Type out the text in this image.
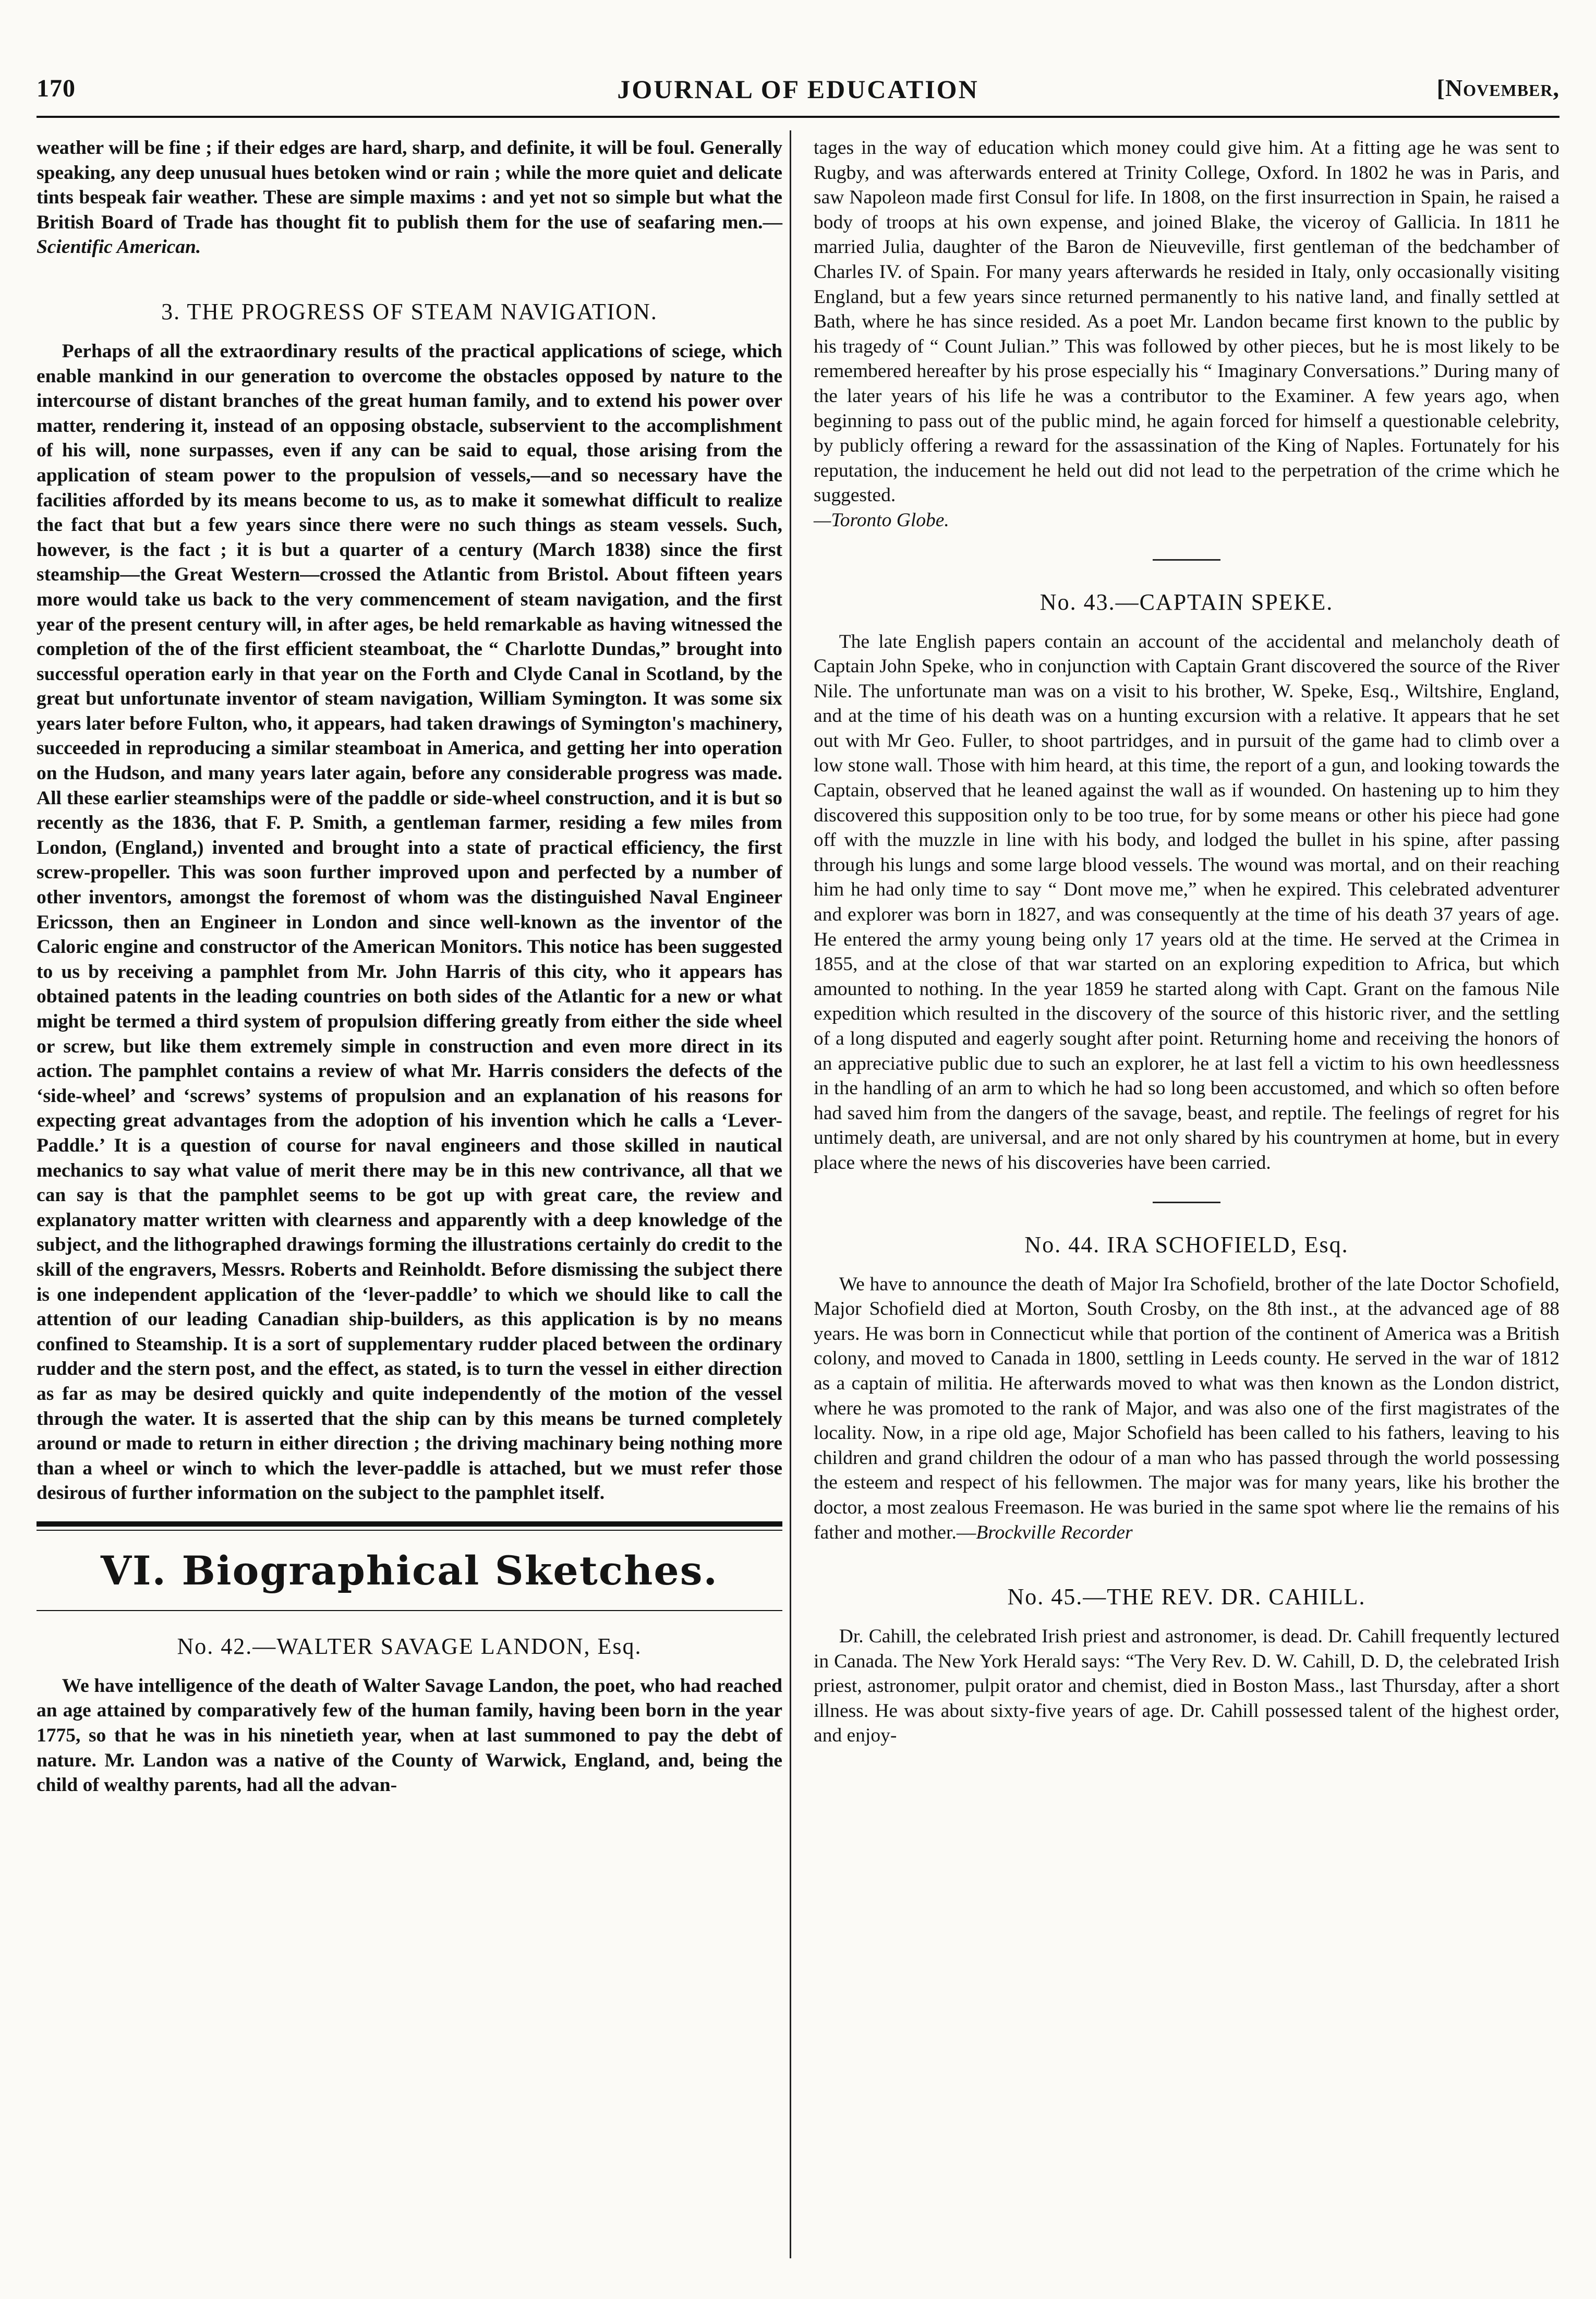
170	JOURNAL OF EDUCATION	[November,

weather will be fine ; if their edges are hard, sharp, and definite, it will be foul. Generally speaking, any deep unusual hues betoken wind or rain ; while the more quiet and delicate tints bespeak fair weather. These are simple maxims : and yet not so simple but what the British Board of Trade has thought fit to publish them for the use of seafaring men.—Scientific American.

3. THE PROGRESS OF STEAM NAVIGATION.

Perhaps of all the extraordinary results of the practical applications of sciege, which enable mankind in our generation to overcome the obstacles opposed by nature to the intercourse of distant branches of the great human family, and to extend his power over matter, rendering it, instead of an opposing obstacle, subservient to the accomplishment of his will, none surpasses, even if any can be said to equal, those arising from the application of steam power to the propulsion of vessels,—and so necessary have the facilities afforded by its means become to us, as to make it somewhat difficult to realize the fact that but a few years since there were no such things as steam vessels. Such, however, is the fact ; it is but a quarter of a century (March 1838) since the first steamship—the Great Western—crossed the Atlantic from Bristol. About fifteen years more would take us back to the very commencement of steam navigation, and the first year of the present century will, in after ages, be held remarkable as having witnessed the completion of the of the first efficient steamboat, the “ Charlotte Dundas,” brought into successful operation early in that year on the Forth and Clyde Canal in Scotland, by the great but unfortunate inventor of steam navigation, William Symington. It was some six years later before Fulton, who, it appears, had taken drawings of Symington's machinery, succeeded in reproducing a similar steamboat in America, and getting her into operation on the Hudson, and many years later again, before any considerable progress was made. All these earlier steamships were of the paddle or side-wheel construction, and it is but so recently as the 1836, that F. P. Smith, a gentleman farmer, residing a few miles from London, (England,) invented and brought into a state of practical efficiency, the first screw-propeller. This was soon further improved upon and perfected by a number of other inventors, amongst the foremost of whom was the distinguished Naval Engineer Ericsson, then an Engineer in London and since well-known as the inventor of the Caloric engine and constructor of the American Monitors. This notice has been suggested to us by receiving a pamphlet from Mr. John Harris of this city, who it appears has obtained patents in the leading countries on both sides of the Atlantic for a new or what might be termed a third system of propulsion differing greatly from either the side wheel or screw, but like them extremely simple in construction and even more direct in its action. The pamphlet contains a review of what Mr. Harris considers the defects of the ‘side-wheel’ and ‘screws’ systems of propulsion and an explanation of his reasons for expecting great advantages from the adoption of his invention which he calls a ‘Lever-Paddle.’ It is a question of course for naval engineers and those skilled in nautical mechanics to say what value of merit there may be in this new contrivance, all that we can say is that the pamphlet seems to be got up with great care, the review and explanatory matter written with clearness and apparently with a deep knowledge of the subject, and the lithographed drawings forming the illustrations certainly do credit to the skill of the engravers, Messrs. Roberts and Reinholdt. Before dismissing the subject there is one independent application of the ‘lever-paddle’ to which we should like to call the attention of our leading Canadian ship-builders, as this application is by no means confined to Steamship. It is a sort of supplementary rudder placed between the ordinary rudder and the stern post, and the effect, as stated, is to turn the vessel in either direction as far as may be desired quickly and quite independently of the motion of the vessel through the water. It is asserted that the ship can by this means be turned completely around or made to return in either direction ; the driving machinary being nothing more than a wheel or winch to which the lever-paddle is attached, but we must refer those desirous of further information on the subject to the pamphlet itself.

VI. Biographical Sketches.
No. 42.—WALTER SAVAGE LANDON, Esq.

We have intelligence of the death of Walter Savage Landon, the poet, who had reached an age attained by comparatively few of the human family, having been born in the year 1775, so that he was in his ninetieth year, when at last summoned to pay the debt of nature. Mr. Landon was a native of the County of Warwick, England, and, being the child of wealthy parents, had all the advan-

tages in the way of education which money could give him. At a fitting age he was sent to Rugby, and was afterwards entered at Trinity College, Oxford. In 1802 he was in Paris, and saw Napoleon made first Consul for life. In 1808, on the first insurrection in Spain, he raised a body of troops at his own expense, and joined Blake, the viceroy of Gallicia. In 1811 he married Julia, daughter of the Baron de Nieuveville, first gentleman of the bedchamber of Charles IV. of Spain. For many years afterwards he resided in Italy, only occasionally visiting England, but a few years since returned permanently to his native land, and finally settled at Bath, where he has since resided. As a poet Mr. Landon became first known to the public by his tragedy of “ Count Julian.” This was followed by other pieces, but he is most likely to be remembered hereafter by his prose especially his “ Imaginary Conversations.” During many of the later years of his life he was a contributor to the Examiner. A few years ago, when beginning to pass out of the public mind, he again forced for himself a questionable celebrity, by publicly offering a reward for the assassination of the King of Naples. Fortunately for his reputation, the inducement he held out did not lead to the perpetration of the crime which he suggested.

—Toronto Globe.

No. 43.—CAPTAIN SPEKE.

The late English papers contain an account of the accidental and melancholy death of Captain John Speke, who in conjunction with Captain Grant discovered the source of the River Nile. The unfortunate man was on a visit to his brother, W. Speke, Esq., Wiltshire, England, and at the time of his death was on a hunting excursion with a relative. It appears that he set out with Mr Geo. Fuller, to shoot partridges, and in pursuit of the game had to climb over a low stone wall. Those with him heard, at this time, the report of a gun, and looking towards the Captain, observed that he leaned against the wall as if wounded. On hastening up to him they discovered this supposition only to be too true, for by some means or other his piece had gone off with the muzzle in line with his body, and lodged the bullet in his spine, after passing through his lungs and some large blood vessels. The wound was mortal, and on their reaching him he had only time to say “ Dont move me,” when he expired. This celebrated adventurer and explorer was born in 1827, and was consequently at the time of his death 37 years of age. He entered the army young being only 17 years old at the time. He served at the Crimea in 1855, and at the close of that war started on an exploring expedition to Africa, but which amounted to nothing. In the year 1859 he started along with Capt. Grant on the famous Nile expedition which resulted in the discovery of the source of this historic river, and the settling of a long disputed and eagerly sought after point. Returning home and receiving the honors of an appreciative public due to such an explorer, he at last fell a victim to his own heedlessness in the handling of an arm to which he had so long been accustomed, and which so often before had saved him from the dangers of the savage, beast, and reptile. The feelings of regret for his untimely death, are universal, and are not only shared by his countrymen at home, but in every place where the news of his discoveries have been carried.

No. 44. IRA SCHOFIELD, Esq.

We have to announce the death of Major Ira Schofield, brother of the late Doctor Schofield, Major Schofield died at Morton, South Crosby, on the 8th inst., at the advanced age of 88 years. He was born in Connecticut while that portion of the continent of America was a British colony, and moved to Canada in 1800, settling in Leeds county. He served in the war of 1812 as a captain of militia. He afterwards moved to what was then known as the London district, where he was promoted to the rank of Major, and was also one of the first magistrates of the locality. Now, in a ripe old age, Major Schofield has been called to his fathers, leaving to his children and grand children the odour of a man who has passed through the world possessing the esteem and respect of his fellowmen. The major was for many years, like his brother the doctor, a most zealous Freemason. He was buried in the same spot where lie the remains of his father and mother.—Brockville Recorder

No. 45.—THE REV. DR. CAHILL.

Dr. Cahill, the celebrated Irish priest and astronomer, is dead. Dr. Cahill frequently lectured in Canada. The New York Herald says: “The Very Rev. D. W. Cahill, D. D, the celebrated Irish priest, astronomer, pulpit orator and chemist, died in Boston Mass., last Thursday, after a short illness. He was about sixty-five years of age. Dr. Cahill possessed talent of the highest order, and enjoy-
